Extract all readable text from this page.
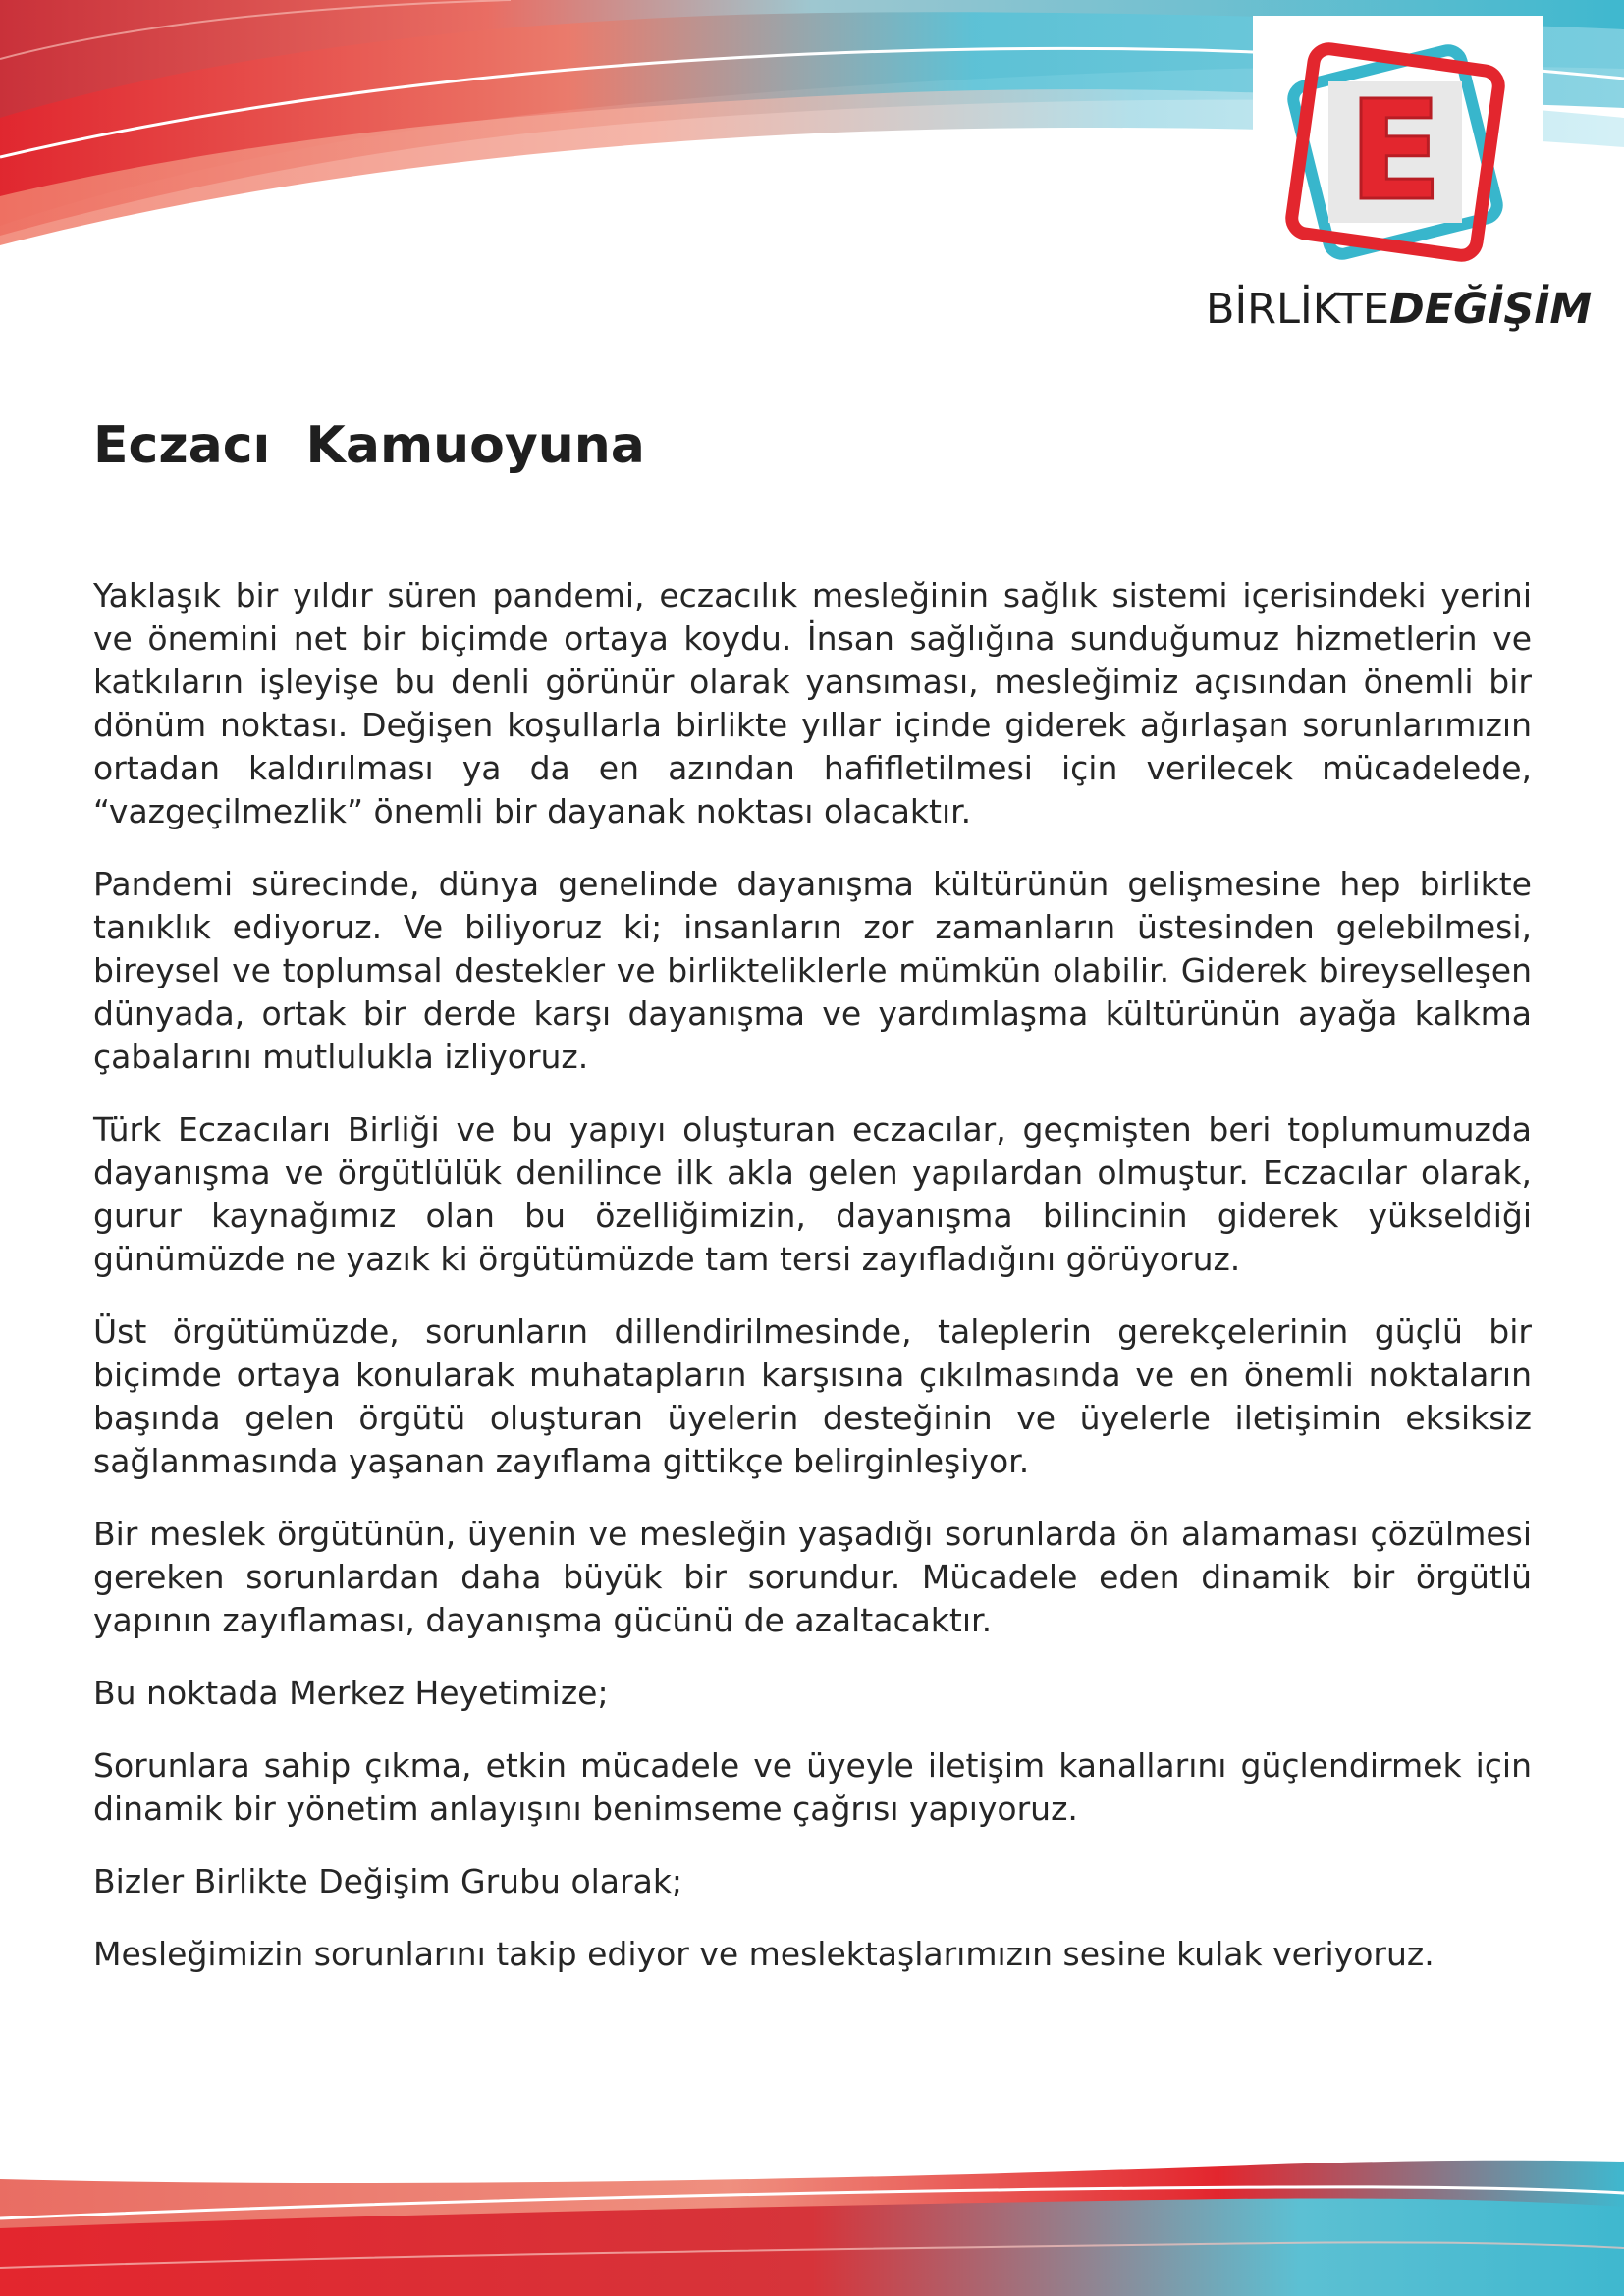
E
BİRLİKTEDEĞİŞİM
Eczacı  Kamuoyuna

Yaklaşık bir yıldır süren pandemi, eczacılık mesleğinin sağlık sistemi içerisindeki yerini ve önemini net bir biçimde ortaya koydu. İnsan sağlığına sunduğumuz hizmetlerin ve katkıların işleyişe bu denli görünür olarak yansıması, mesleğimiz açısından önemli bir dönüm noktası. Değişen koşullarla birlikte yıllar içinde giderek ağırlaşan sorunlarımızın ortadan kaldırılması ya da en azından hafifletilmesi için verilecek mücadelede, “vazgeçilmezlik” önemli bir dayanak noktası olacaktır.

Pandemi sürecinde, dünya genelinde dayanışma kültürünün gelişmesine hep birlikte tanıklık ediyoruz. Ve biliyoruz ki; insanların zor zamanların üstesinden gelebilmesi, bireysel ve toplumsal destekler ve birlikteliklerle mümkün olabilir. Giderek bireyselleşen dünyada, ortak bir derde karşı dayanışma ve yardımlaşma kültürünün ayağa kalkma çabalarını mutlulukla izliyoruz.

Türk Eczacıları Birliği ve bu yapıyı oluşturan eczacılar, geçmişten beri toplumumuzda dayanışma ve örgütlülük denilince ilk akla gelen yapılardan olmuştur. Eczacılar olarak, gurur kaynağımız olan bu özelliğimizin, dayanışma bilincinin giderek yükseldiği günümüzde ne yazık ki örgütümüzde tam tersi zayıfladığını görüyoruz.

Üst örgütümüzde, sorunların dillendirilmesinde, taleplerin gerekçelerinin güçlü bir biçimde ortaya konularak muhatapların karşısına çıkılmasında ve en önemli noktaların başında gelen örgütü oluşturan üyelerin desteğinin ve üyelerle iletişimin eksiksiz sağlanmasında yaşanan zayıflama gittikçe belirginleşiyor.

Bir meslek örgütünün, üyenin ve mesleğin yaşadığı sorunlarda ön alamaması çözülmesi gereken sorunlardan daha büyük bir sorundur. Mücadele eden dinamik bir örgütlü yapının zayıflaması, dayanışma gücünü de azaltacaktır.

Bu noktada Merkez Heyetimize;

Sorunlara sahip çıkma, etkin mücadele ve üyeyle iletişim kanallarını güçlendirmek için dinamik bir yönetim anlayışını benimseme çağrısı yapıyoruz.

Bizler Birlikte Değişim Grubu olarak;

Mesleğimizin sorunlarını takip ediyor ve meslektaşlarımızın sesine kulak veriyoruz.
